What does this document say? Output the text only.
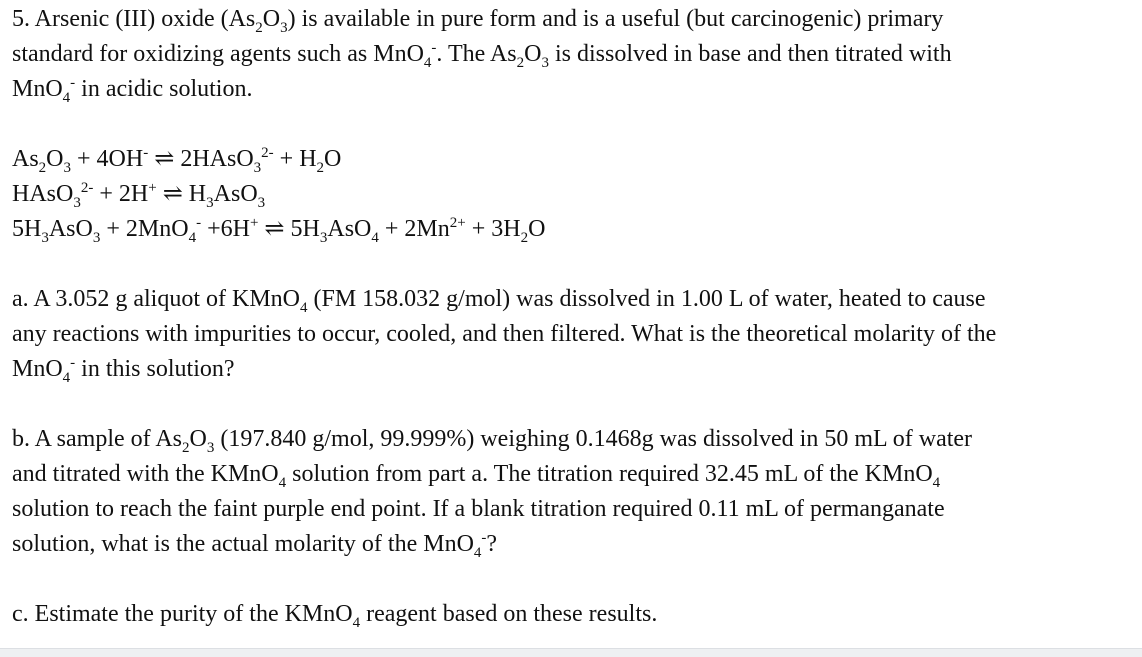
5. Arsenic (III) oxide $(As_2O_3)$ is available in pure form and is a useful (but carcinogenic) primary
standard for oxidizing agents such as MnO$_4$-. The $As_2O_3$ is dissolved in base and then titrated with
MnO$_4$- in acidic solution.
$As_2O_3 + 4OH^-$ ⇌ 2HAsO$_3^{2-}$ + $H_2O$
HAsO$_3^{2-}$ + 2H+ ⇌ $H_3AsO_3$
$5H_3AsO_3 + 2MnO_4^- +6H^+$ ⇌ $5H_3AsO_4 + 2Mn^{2+} + 3H_2O$
a. A 3.052 g aliquot of KMnO$_4$ (FM 158.032 g/mol) was dissolved in 1.00 L of water, heated to cause
any reactions with impurities to occur, cooled, and then filtered. What is the theoretical molarity of the
MnO$_4$- in this solution?
b. A sample of $As_2O_3$ (197.840 g/mol, 99.999%) weighing 0.1468g was dissolved in 50 mL of water
and titrated with the KMnO$_4$ solution from part a. The titration required 32.45 mL of the KMnO$_4$
solution to reach the faint purple end point. If a blank titration required 0.11 mL of permanganate
solution, what is the actual molarity of the MnO$_4$-?
c. Estimate the purity of the KMnO$_4$ reagent based on these results.
